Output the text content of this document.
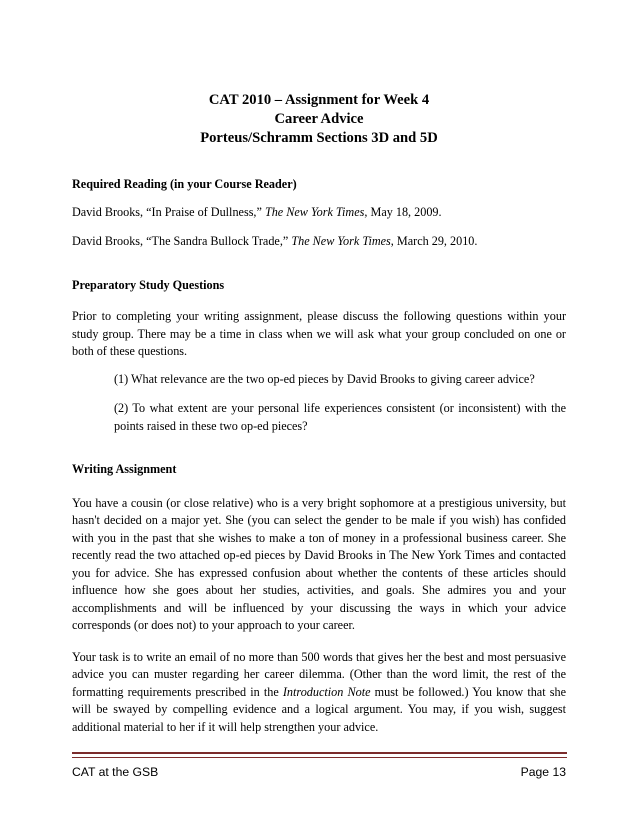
CAT 2010 – Assignment for Week 4
Career Advice
Porteus/Schramm Sections 3D and 5D

Required Reading (in your Course Reader)

David Brooks, “In Praise of Dullness,” The New York Times, May 18, 2009.

David Brooks, “The Sandra Bullock Trade,” The New York Times, March 29, 2010.

Preparatory Study Questions

Prior to completing your writing assignment, please discuss the following questions within your study group. There may be a time in class when we will ask what your group concluded on one or both of these questions.

(1) What relevance are the two op-ed pieces by David Brooks to giving career advice?

(2) To what extent are your personal life experiences consistent (or inconsistent) with the points raised in these two op-ed pieces?

Writing Assignment

You have a cousin (or close relative) who is a very bright sophomore at a prestigious university, but hasn't decided on a major yet. She (you can select the gender to be male if you wish) has confided with you in the past that she wishes to make a ton of money in a professional business career. She recently read the two attached op-ed pieces by David Brooks in The New York Times and contacted you for advice. She has expressed confusion about whether the contents of these articles should influence how she goes about her studies, activities, and goals. She admires you and your accomplishments and will be influenced by your discussing the ways in which your advice corresponds (or does not) to your approach to your career.

Your task is to write an email of no more than 500 words that gives her the best and most persuasive advice you can muster regarding her career dilemma. (Other than the word limit, the rest of the formatting requirements prescribed in the Introduction Note must be followed.) You know that she will be swayed by compelling evidence and a logical argument. You may, if you wish, suggest additional material to her if it will help strengthen your advice.

CAT at the GSB	Page 13
